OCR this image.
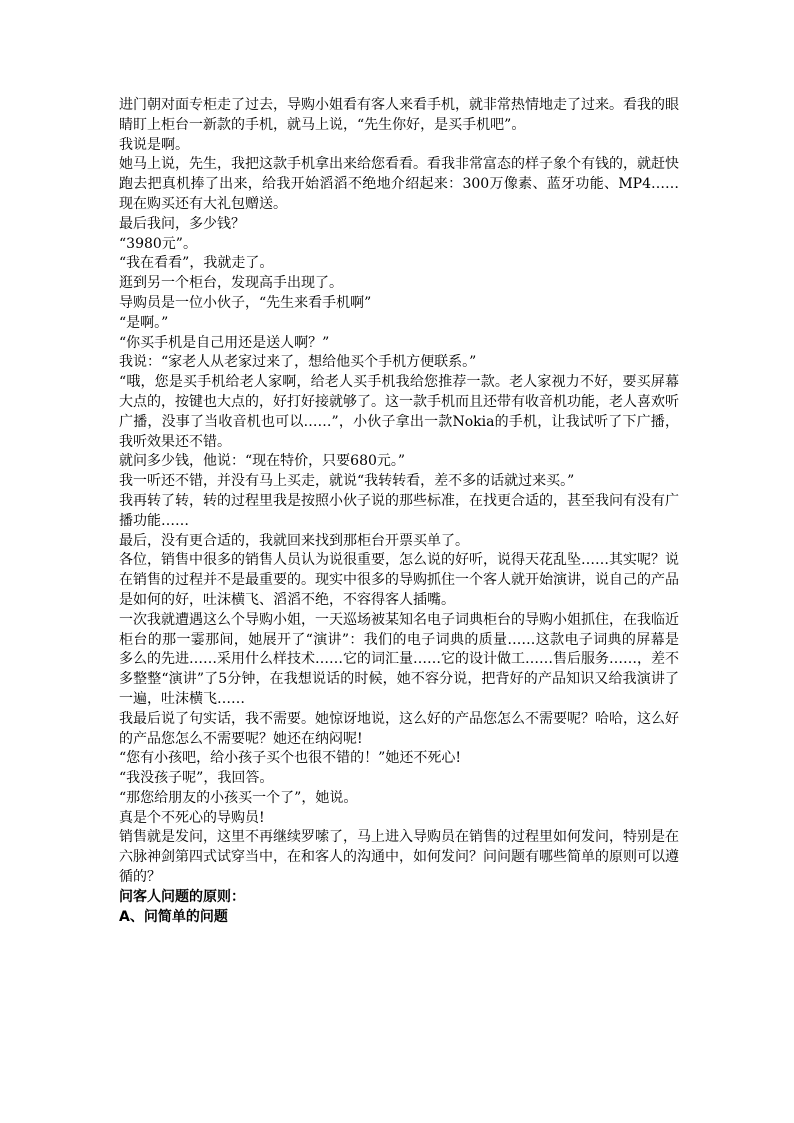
进门朝对面专柜走了过去，导购小姐看有客人来看手机，就非常热情地走了过来。看我的眼睛盯上柜台一新款的手机，就马上说，“先生你好，是买手机吧”。

我说是啊。

她马上说，先生，我把这款手机拿出来给您看看。看我非常富态的样子象个有钱的，就赶快跑去把真机捧了出来，给我开始滔滔不绝地介绍起来：300万像素、蓝牙功能、MP4……现在购买还有大礼包赠送。

最后我问，多少钱？

“3980元”。

“我在看看”，我就走了。

逛到另一个柜台，发现高手出现了。

导购员是一位小伙子，“先生来看手机啊”

“是啊。”

“你买手机是自己用还是送人啊？”

我说：“家老人从老家过来了，想给他买个手机方便联系。”

“哦，您是买手机给老人家啊，给老人买手机我给您推荐一款。老人家视力不好，要买屏幕大点的，按键也大点的，好打好接就够了。这一款手机而且还带有收音机功能，老人喜欢听广播，没事了当收音机也可以……”，小伙子拿出一款Nokia的手机，让我试听了下广播，我听效果还不错。

就问多少钱，他说：“现在特价，只要680元。”

我一听还不错，并没有马上买走，就说“我转转看，差不多的话就过来买。”

我再转了转，转的过程里我是按照小伙子说的那些标准，在找更合适的，甚至我问有没有广播功能……

最后，没有更合适的，我就回来找到那柜台开票买单了。

各位，销售中很多的销售人员认为说很重要，怎么说的好听，说得天花乱坠……其实呢？说在销售的过程并不是最重要的。现实中很多的导购抓住一个客人就开始演讲，说自己的产品是如何的好，吐沫横飞、滔滔不绝，不容得客人插嘴。

一次我就遭遇这么个导购小姐，一天巡场被某知名电子词典柜台的导购小姐抓住，在我临近柜台的那一霎那间，她展开了“演讲”：我们的电子词典的质量……这款电子词典的屏幕是多么的先进……采用什么样技术……它的词汇量……它的设计做工……售后服务……，差不多整整“演讲”了5分钟，在我想说话的时候，她不容分说，把背好的产品知识又给我演讲了一遍，吐沫横飞……

我最后说了句实话，我不需要。她惊讶地说，这么好的产品您怎么不需要呢？哈哈，这么好的产品您怎么不需要呢？她还在纳闷呢!

“您有小孩吧，给小孩子买个也很不错的！”她还不死心!

“我没孩子呢”，我回答。

“那您给朋友的小孩买一个了”，她说。

真是个不死心的导购员!

销售就是发问，这里不再继续罗嗦了，马上进入导购员在销售的过程里如何发问，特别是在六脉神剑第四式试穿当中，在和客人的沟通中，如何发问？问问题有哪些简单的原则可以遵循的？

问客人问题的原则：

A、问简单的问题
